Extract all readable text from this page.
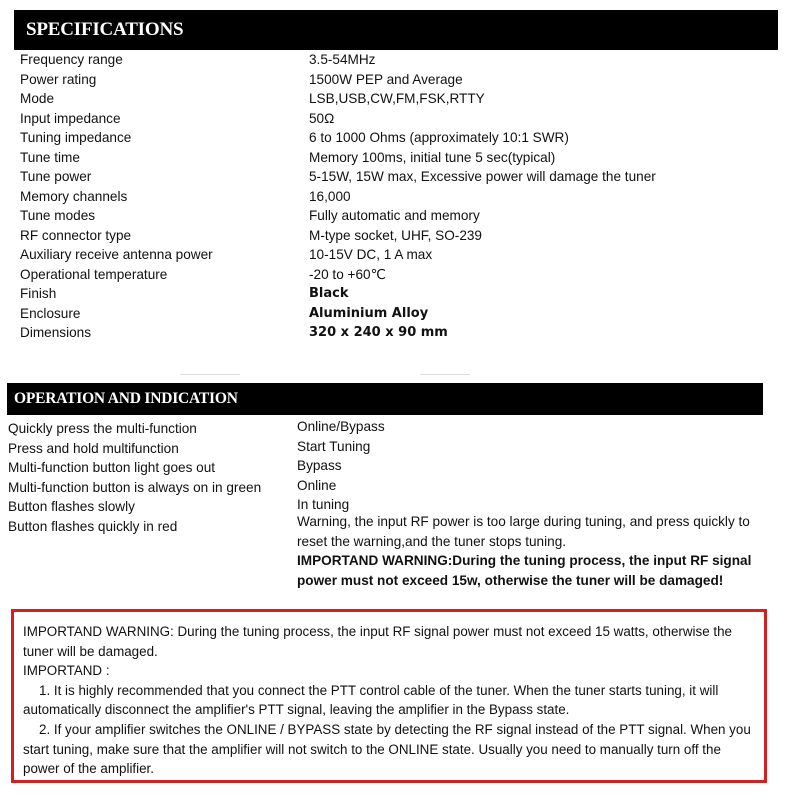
SPECIFICATIONS
Frequency range	3.5-54MHz
Power rating	1500W PEP and Average
Mode	LSB,USB,CW,FM,FSK,RTTY
Input impedance	50Ω
Tuning impedance	6 to 1000 Ohms (approximately 10:1 SWR)
Tune time	Memory 100ms, initial tune 5 sec(typical)
Tune power	5-15W, 15W max, Excessive power will damage the tuner
Memory channels	16,000
Tune modes	Fully automatic and memory
RF connector type	M-type socket, UHF, SO-239
Auxiliary receive antenna power	10-15V DC, 1 A max
Operational temperature	-20 to +60℃
Finish	Black
Enclosure	Aluminium Alloy
Dimensions	320 x 240 x 90 mm
OPERATION AND INDICATION
Quickly press the multi-function	Online/Bypass
Press and hold multifunction	Start Tuning
Multi-function button light goes out	Bypass
Multi-function button is always on in green	Online
Button flashes slowly	In tuning
Button flashes quickly in red	Warning, the input RF power is too large during tuning, and press quickly to reset the warning,and the tuner stops tuning.
IMPORTAND WARNING:During the tuning process, the input RF signal power must not exceed 15w, otherwise the tuner will be damaged!

IMPORTAND WARNING: During the tuning process, the input RF signal power must not exceed 15 watts, otherwise the tuner will be damaged.

IMPORTAND :

1. It is highly recommended that you connect the PTT control cable of the tuner. When the tuner starts tuning, it will automatically disconnect the amplifier's PTT signal, leaving the amplifier in the Bypass state.

2. If your amplifier switches the ONLINE / BYPASS state by detecting the RF signal instead of the PTT signal. When you start tuning, make sure that the amplifier will not switch to the ONLINE state. Usually you need to manually turn off the power of the amplifier.
